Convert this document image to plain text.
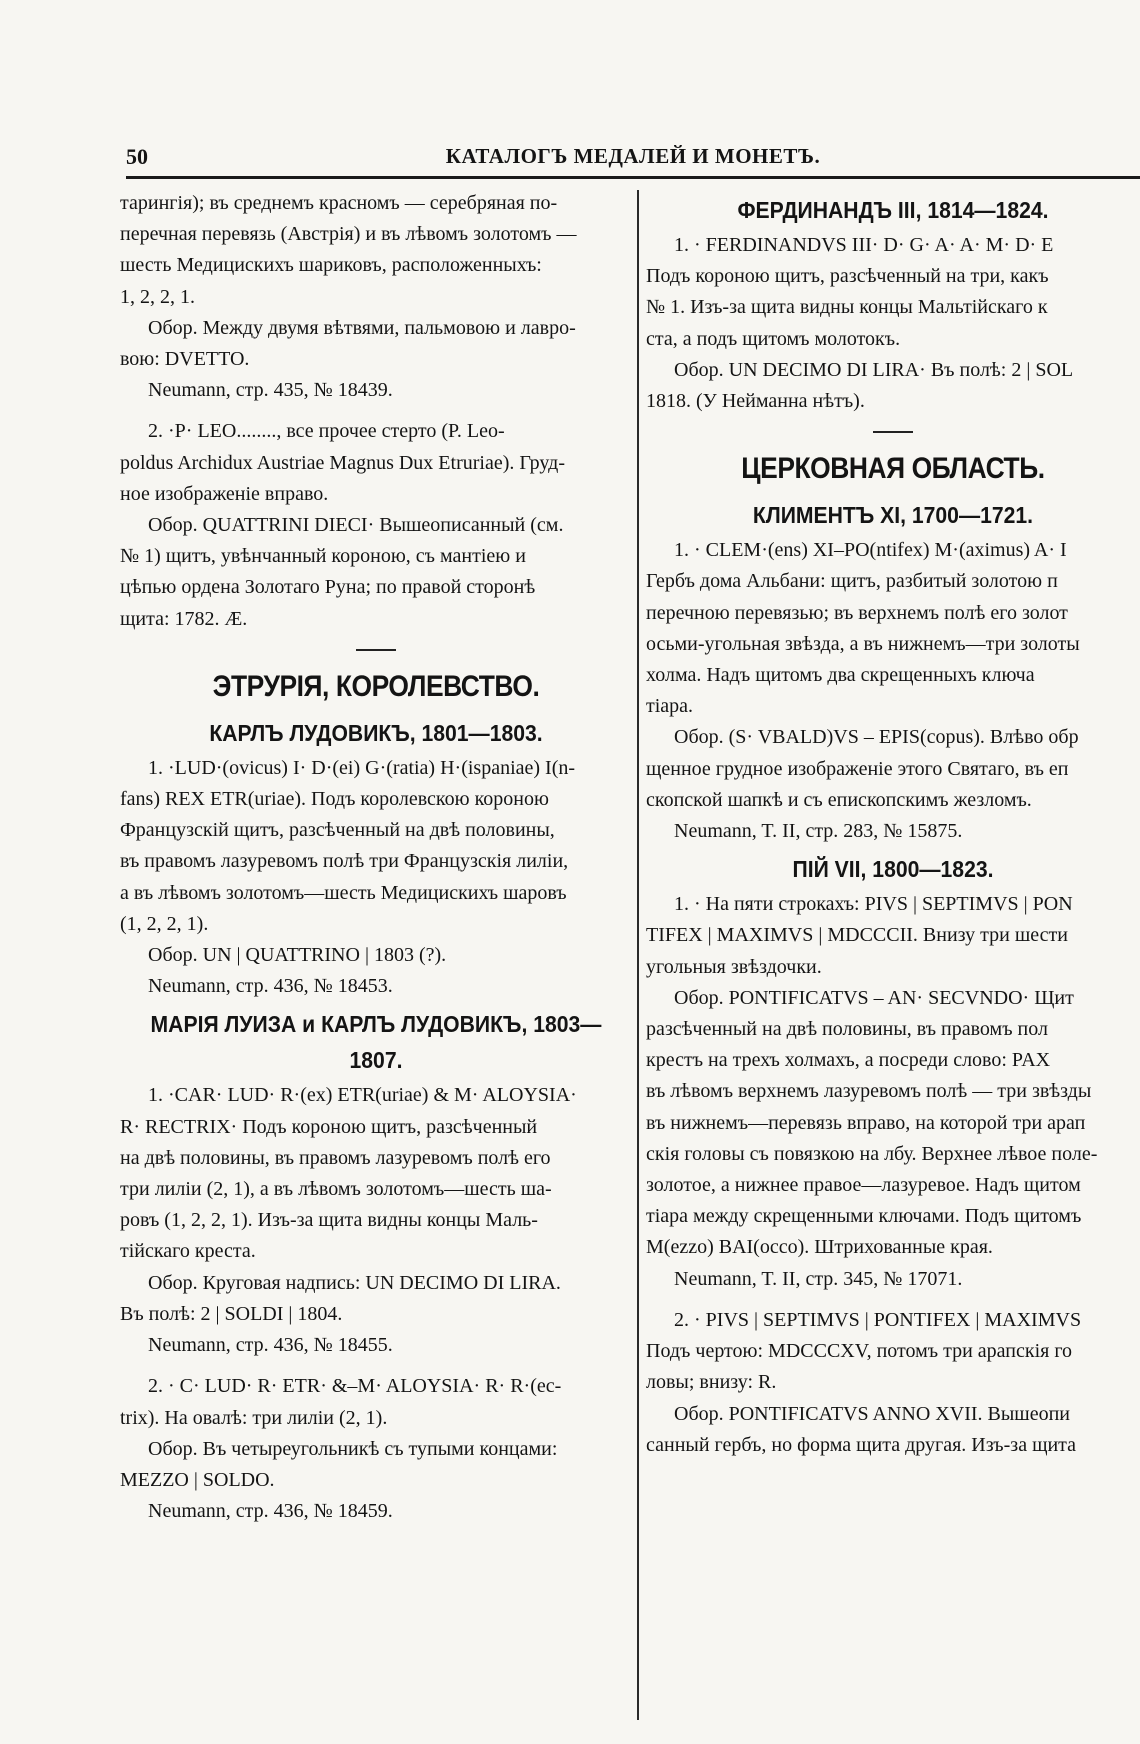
50	КАТАЛОГЪ МЕДАЛЕЙ И МОНЕТЪ.

тарингія); въ среднемъ красномъ — серебряная по-

перечная перевязь (Австрія) и въ лѣвомъ золотомъ —

шесть Медицискихъ шариковъ, расположенныхъ:

1, 2, 2, 1.

Обор. Между двумя вѣтвями, пальмовою и лавро-

вою: DVETTO.

Neumann, стр. 435, № 18439.

2. ·P· LEO........, все прочее стерто (P. Leo-

poldus Archidux Austriae Magnus Dux Etruriae). Груд-

ное изображеніе вправо.

Обор. QUATTRINI DIECI· Вышеописанный (см.

№ 1) щитъ, увѣнчанный короною, съ мантіею и

цѣпью ордена Золотаго Руна; по правой сторонѣ

щита: 1782. Æ.

ЭТРУРІЯ, КОРОЛЕВСТВО.
КАРЛЪ ЛУДОВИКЪ, 1801—1803.

1. ·LUD·(ovicus) I· D·(ei) G·(ratia) H·(ispaniae) I(n-

fans) REX ETR(uriae). Подъ королевскою короною

Французскій щитъ, разсѣченный на двѣ половины,

въ правомъ лазуревомъ полѣ три Французскія лиліи,

а въ лѣвомъ золотомъ—шесть Медицискихъ шаровъ

(1, 2, 2, 1).

Обор. UN | QUATTRINO | 1803 (?).

Neumann, стр. 436, № 18453.

МАРІЯ ЛУИЗА и КАРЛЪ ЛУДОВИКЪ, 1803—1807.

1. ·CAR· LUD· R·(ex) ETR(uriae) & M· ALOYSIA·

R· RECTRIX· Подъ короною щитъ, разсѣченный

на двѣ половины, въ правомъ лазуревомъ полѣ его

три лиліи (2, 1), а въ лѣвомъ золотомъ—шесть ша-

ровъ (1, 2, 2, 1). Изъ-за щита видны концы Маль-

тійскаго креста.

Обор. Круговая надпись: UN DECIMO DI LIRA.

Въ полѣ: 2 | SOLDI | 1804.

Neumann, стр. 436, № 18455.

2. · C· LUD· R· ETR· &–M· ALOYSIA· R· R·(ec-

trix). На овалѣ: три лиліи (2, 1).

Обор. Въ четыреугольникѣ съ тупыми концами:

MEZZO | SOLDO.

Neumann, стр. 436, № 18459.

ФЕРДИНАНДЪ III, 1814—1824.

1. · FERDINANDVS III· D· G· A· A· M· D· E

Подъ короною щитъ, разсѣченный на три, какъ

№ 1. Изъ-за щита видны концы Мальтійскаго к

ста, а подъ щитомъ молотокъ.

Обор. UN DECIMO DI LIRA· Въ полѣ: 2 | SOL

1818. (У Нейманна нѣтъ).

ЦЕРКОВНАЯ ОБЛАСТЬ.
КЛИМЕНТЪ XI, 1700—1721.

1. · CLEM·(ens) XI–PO(ntifex) M·(aximus) A· I

Гербъ дома Альбани: щитъ, разбитый золотою п

перечною перевязью; въ верхнемъ полѣ его золот

осьми-угольная звѣзда, а въ нижнемъ—три золоты

холма. Надъ щитомъ два скрещенныхъ ключа

тіара.

Обор. (S· VBALD)VS – EPIS(copus). Влѣво обр

щенное грудное изображеніе этого Святаго, въ еп

скопской шапкѣ и съ епископскимъ жезломъ.

Neumann, T. II, стр. 283, № 15875.

ПІЙ VII, 1800—1823.

1. · На пяти строкахъ: PIVS | SEPTIMVS | PON

TIFEX | MAXIMVS | MDCCCII. Внизу три шести

угольныя звѣздочки.

Обор. PONTIFICATVS – AN· SECVNDO· Щит

разсѣченный на двѣ половины, въ правомъ пол

крестъ на трехъ холмахъ, а посреди слово: PAX

въ лѣвомъ верхнемъ лазуревомъ полѣ — три звѣзды

въ нижнемъ—перевязь вправо, на которой три арап

скія головы съ повязкою на лбу. Верхнее лѣвое поле-

золотое, а нижнее правое—лазуревое. Надъ щитом

тіара между скрещенными ключами. Подъ щитомъ

M(ezzo) BAI(occo). Штрихованные края.

Neumann, T. II, стр. 345, № 17071.

2. · PIVS | SEPTIMVS | PONTIFEX | MAXIMVS

Подъ чертою: MDCCCXV, потомъ три арапскія го

ловы; внизу: R.

Обор. PONTIFICATVS ANNO XVII. Вышеопи

санный гербъ, но форма щита другая. Изъ-за щита
